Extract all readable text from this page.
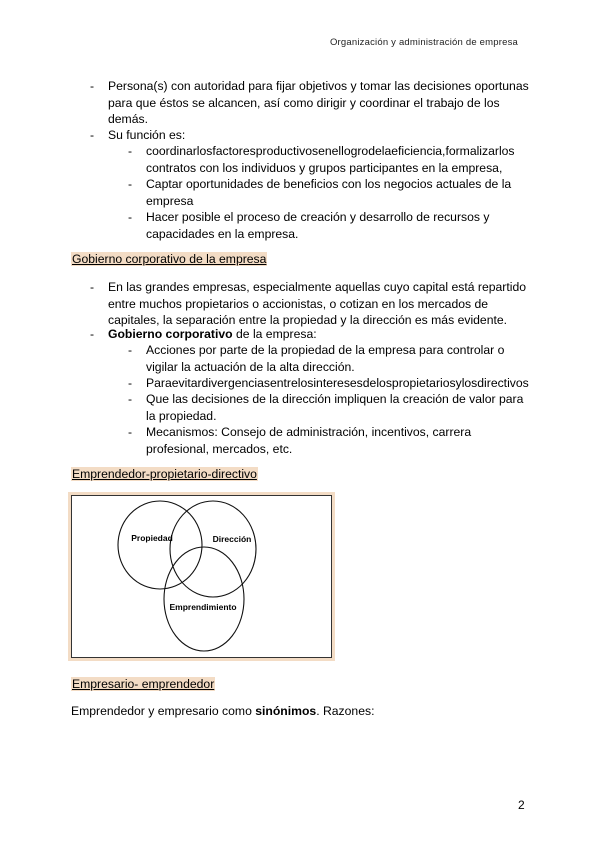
Organización y administración de empresa
- Persona(s) con autoridad para fijar objetivos y tomar las decisiones oportunas
para que éstos se alcancen, así como dirigir y coordinar el trabajo de los
demás.
- Su función es:
- coordinarlosfactoresproductivosenellogrodelaeficiencia,formalizarlos
contratos con los individuos y grupos participantes en la empresa,
- Captar oportunidades de beneficios con los negocios actuales de la
empresa
- Hacer posible el proceso de creación y desarrollo de recursos y
capacidades en la empresa.
Gobierno corporativo de la empresa
- En las grandes empresas, especialmente aquellas cuyo capital está repartido
entre muchos propietarios o accionistas, o cotizan en los mercados de
capitales, la separación entre la propiedad y la dirección es más evidente.
- Gobierno corporativo de la empresa:
- Acciones por parte de la propiedad de la empresa para controlar o
vigilar la actuación de la alta dirección.
- Paraevitardivergenciasentrelosinteresesdelospropietariosylosdirectivos
- Que las decisiones de la dirección impliquen la creación de valor para
la propiedad.
- Mecanismos: Consejo de administración, incentivos, carrera
profesional, mercados, etc.
Emprendedor-propietario-directivo
Propiedad	Dirección
Emprendimiento
Empresario- emprendedor
Emprendedor y empresario como sinónimos. Razones:
2
